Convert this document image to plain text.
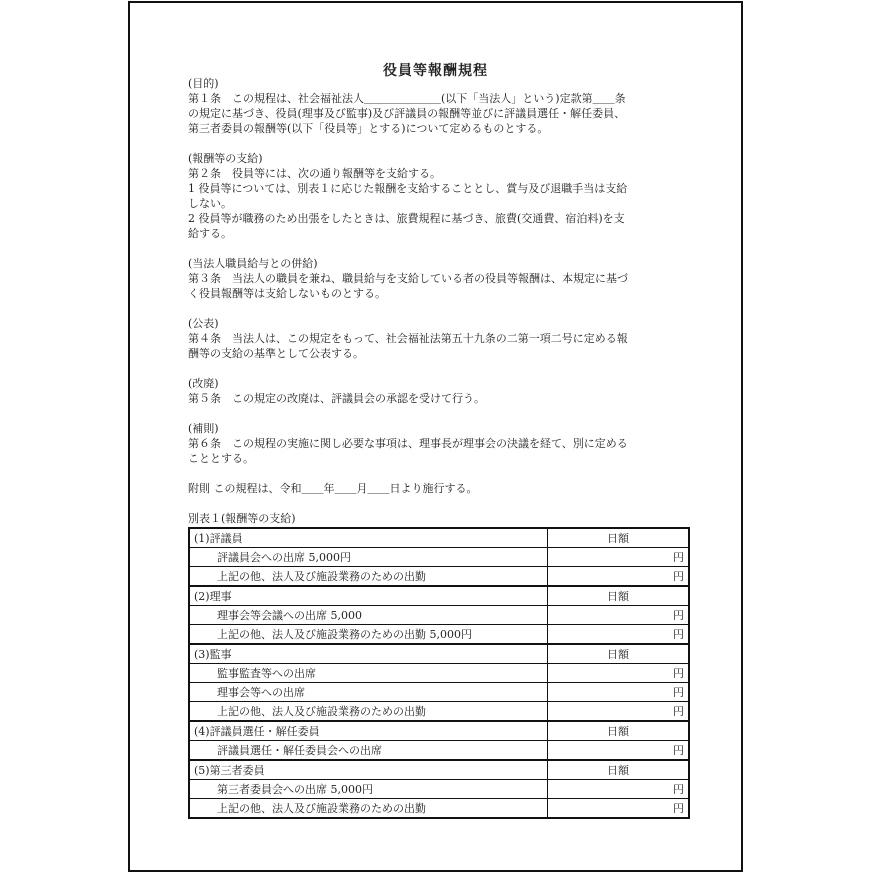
役員等報酬規程

(目的)

第１条　この規程は、社会福祉法人＿＿＿＿＿＿＿(以下「当法人」という)定款第＿＿条

の規定に基づき、役員(理事及び監事)及び評議員の報酬等並びに評議員選任・解任委員、

第三者委員の報酬等(以下「役員等」とする)について定めるものとする。

(報酬等の支給)

第２条　役員等には、次の通り報酬等を支給する。

1 役員等については、別表１に応じた報酬を支給することとし、賞与及び退職手当は支給

しない。

2 役員等が職務のため出張をしたときは、旅費規程に基づき、旅費(交通費、宿泊料)を支

給する。

(当法人職員給与との併給)

第３条　当法人の職員を兼ね、職員給与を支給している者の役員等報酬は、本規定に基づ

く役員報酬等は支給しないものとする。

(公表)

第４条　当法人は、この規定をもって、社会福祉法第五十九条の二第一項二号に定める報

酬等の支給の基準として公表する。

(改廃)

第５条　この規定の改廃は、評議員会の承認を受けて行う。

(補則)

第６条　この規程の実施に関し必要な事項は、理事長が理事会の決議を経て、別に定める

こととする。

附則 この規程は、令和＿＿年＿＿月＿＿日より施行する。

別表１(報酬等の支給)

(1)評議員	日額
評議員会への出席 5,000円	円
上記の他、法人及び施設業務のための出勤	円
(2)理事	日額
理事会等会議への出席 5,000	円
上記の他、法人及び施設業務のための出勤 5,000円	円
(3)監事	日額
監事監査等への出席	円
理事会等への出席	円
上記の他、法人及び施設業務のための出勤	円
(4)評議員選任・解任委員	日額
評議員選任・解任委員会への出席	円
(5)第三者委員	日額
第三者委員会への出席 5,000円	円
上記の他、法人及び施設業務のための出勤	円
